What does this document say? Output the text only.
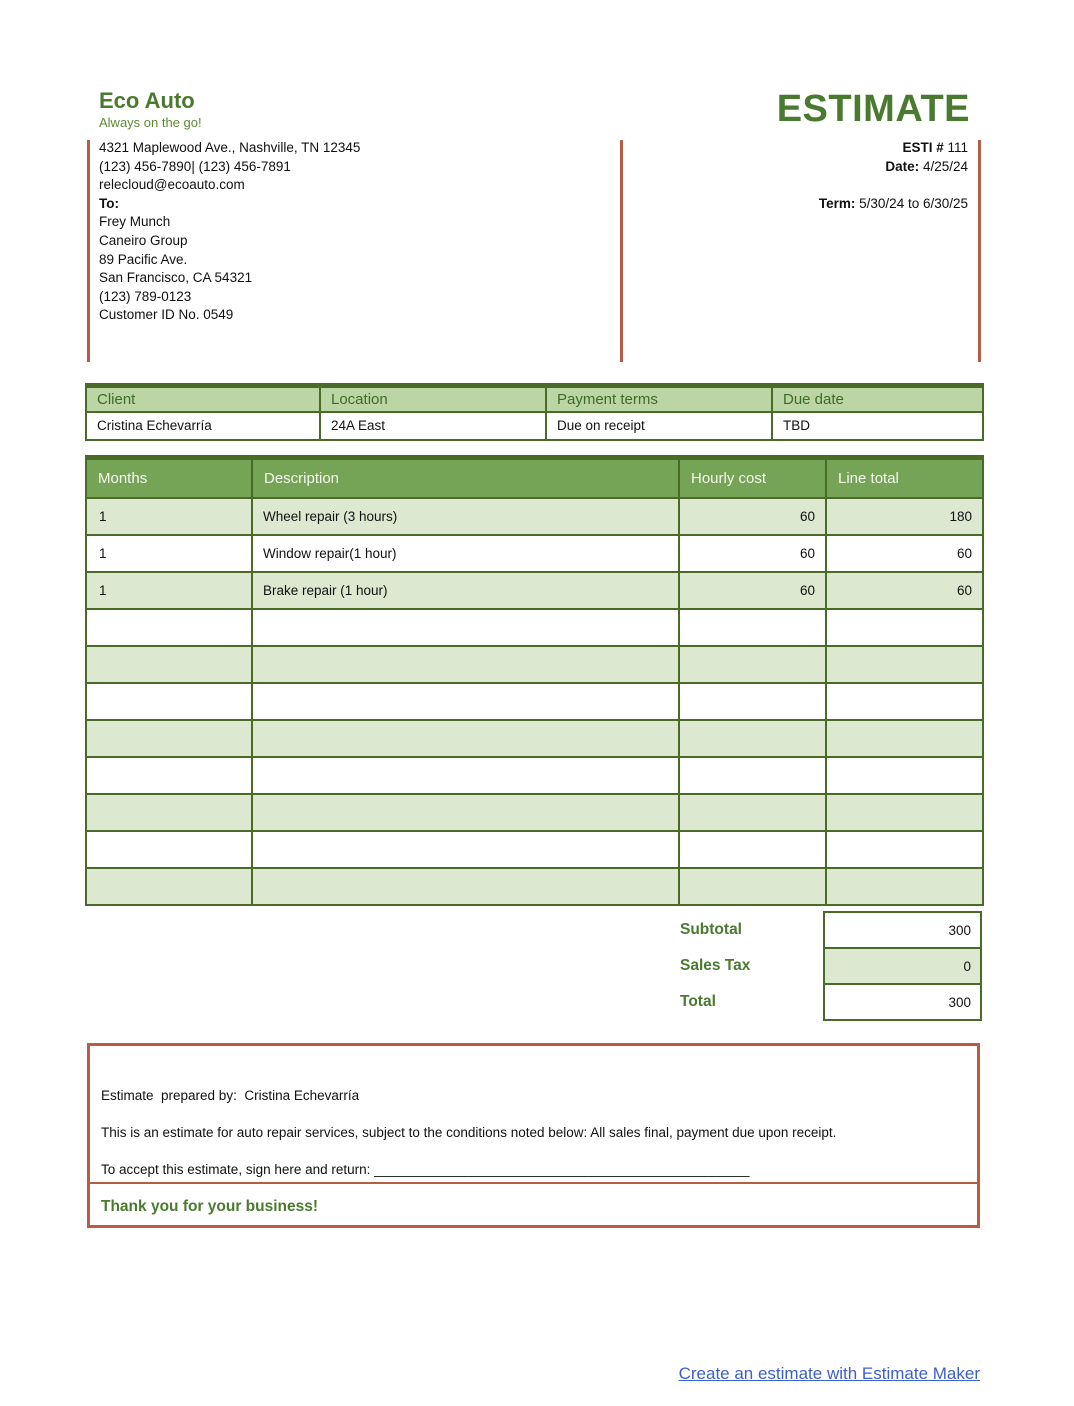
Eco Auto
Always on the go!	ESTIMATE
4321 Maplewood Ave., Nashville, TN 12345
(123) 456-7890| (123) 456-7891
relecloud@ecoauto.com
To:
Frey Munch
Caneiro Group
89 Pacific Ave.
San Francisco, CA 54321
(123) 789-0123
Customer ID No. 0549
ESTI # 111
Date: 4/25/24
Term: 5/30/24 to 6/30/25
Client	Location	Payment terms	Due date
Cristina Echevarría	24A East	Due on receipt	TBD
Months	Description	Hourly cost	Line total
1	Wheel repair (3 hours)	60	180
1	Window repair(1 hour)	60	60
1	Brake repair (1 hour)	60	60

Subtotal	300
Sales Tax	0
Total	300

Estimate  prepared by:  Cristina Echevarría

This is an estimate for auto repair services, subject to the conditions noted below: All sales final, payment due upon receipt.

To accept this estimate, sign here and return: __________________________________________________

Thank you for your business!
Create an estimate with Estimate Maker
